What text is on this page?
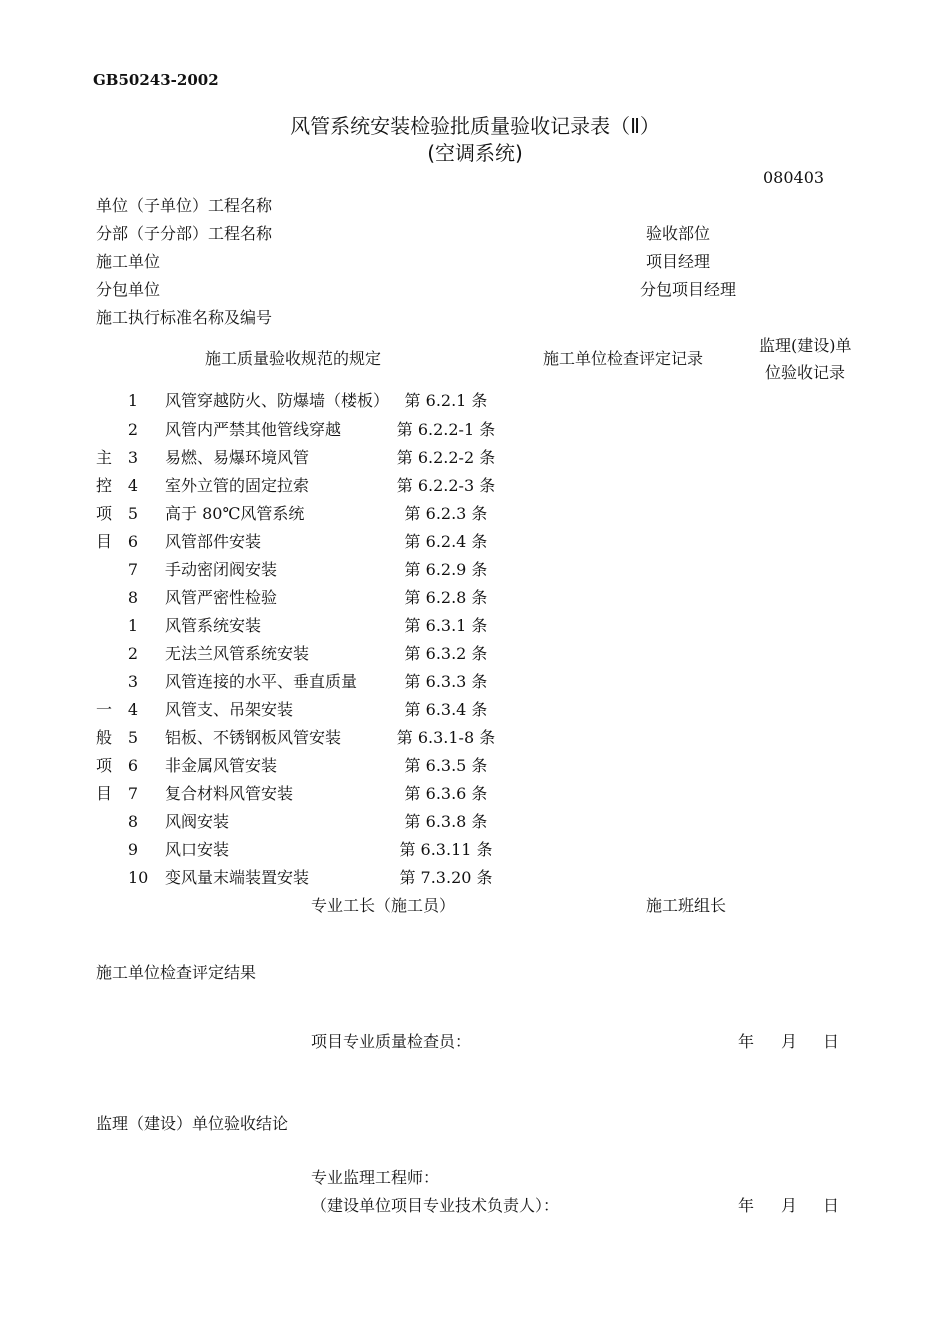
GB50243-2002
风管系统安装检验批质量验收记录表（Ⅱ）
(空调系统)
080403
单位（子单位）工程名称
分部（子分部）工程名称	验收部位
施工单位	项目经理
分包单位	分包项目经理
施工执行标准名称及编号
施工质量验收规范的规定	施工单位检查评定记录
监理(建设)单
位验收记录
主
控
项
目
1 风管穿越防火、防爆墙（楼板） 第 6.2.1 条
2 风管内严禁其他管线穿越	第 6.2.2-1 条
3 易燃、易爆环境风管	第 6.2.2-2 条
4 室外立管的固定拉索	第 6.2.2-3 条
5 高于 80℃风管系统	第 6.2.3 条
6 风管部件安装	第 6.2.4 条
7 手动密闭阀安装	第 6.2.9 条
8 风管严密性检验	第 6.2.8 条
一
般
项
目
1 风管系统安装	第 6.3.1 条
2 无法兰风管系统安装	第 6.3.2 条
3 风管连接的水平、垂直质量	第 6.3.3 条
4 风管支、吊架安装	第 6.3.4 条
5 铝板、不锈钢板风管安装	第 6.3.1-8 条
6 非金属风管安装	第 6.3.5 条
7 复合材料风管安装	第 6.3.6 条
8 风阀安装	第 6.3.8 条
9 风口安装	第 6.3.11 条
10 变风量末端装置安装	第 7.3.20 条
专业工长（施工员）	施工班组长
施工单位检查评定结果
项目专业质量检查员：	年 月 日
监理（建设）单位验收结论
专业监理工程师：
（建设单位项目专业技术负责人）：	年 月 日
